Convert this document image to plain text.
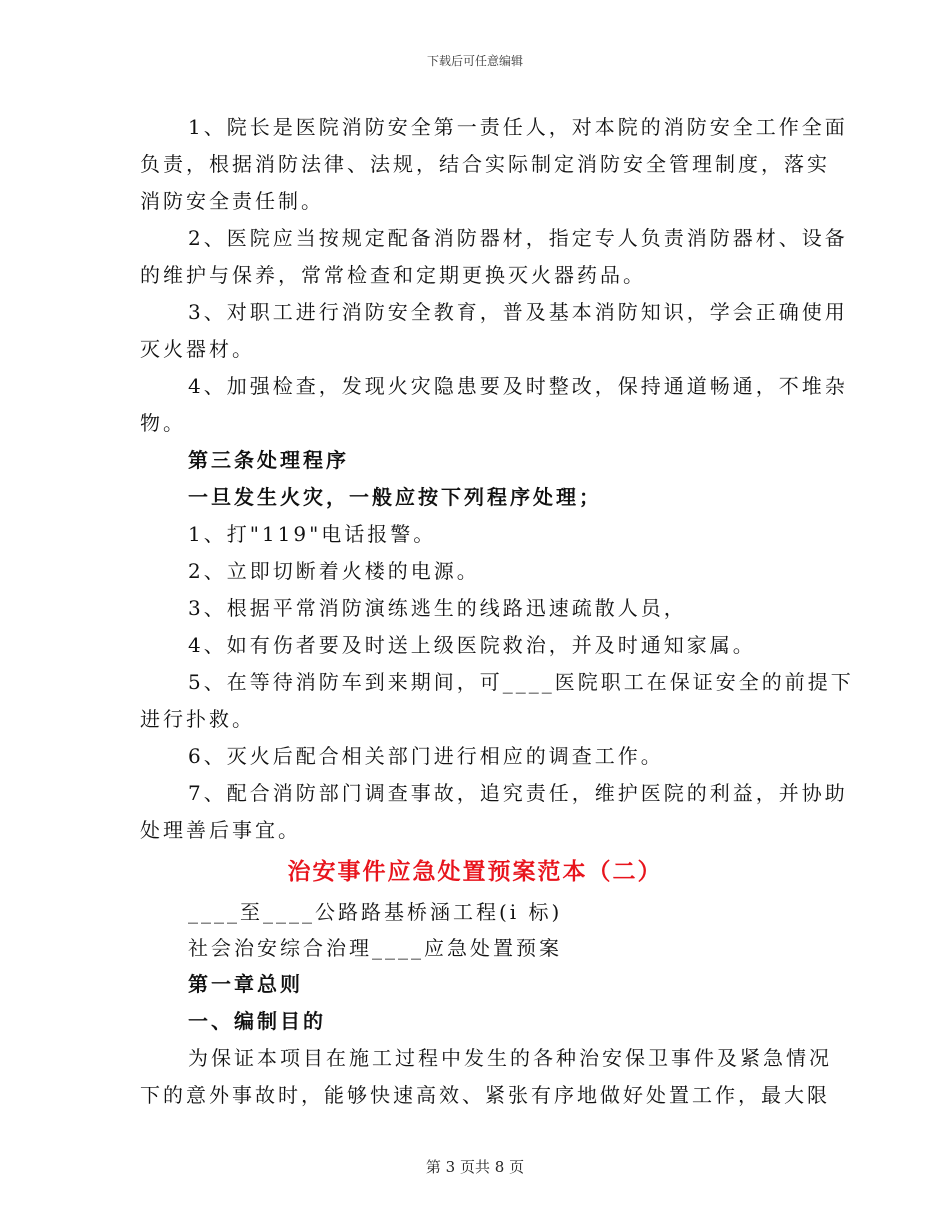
下载后可任意编辑
1、院长是医院消防安全第一责任人，对本院的消防安全工作全面
负责，根据消防法律、法规，结合实际制定消防安全管理制度，落实
消防安全责任制。
2、医院应当按规定配备消防器材，指定专人负责消防器材、设备
的维护与保养，常常检查和定期更换灭火器药品。
3、对职工进行消防安全教育，普及基本消防知识，学会正确使用
灭火器材。
4、加强检查，发现火灾隐患要及时整改，保持通道畅通，不堆杂
物。
第三条处理程序
一旦发生火灾，一般应按下列程序处理；
1、打"119"电话报警。
2、立即切断着火楼的电源。
3、根据平常消防演练逃生的线路迅速疏散人员，
4、如有伤者要及时送上级医院救治，并及时通知家属。
5、在等待消防车到来期间，可____医院职工在保证安全的前提下
进行扑救。
6、灭火后配合相关部门进行相应的调查工作。
7、配合消防部门调查事故，追究责任，维护医院的利益，并协助
处理善后事宜。
治安事件应急处置预案范本（二）
____至____公路路基桥涵工程(i 标)
社会治安综合治理____应急处置预案
第一章总则
一、编制目的
为保证本项目在施工过程中发生的各种治安保卫事件及紧急情况
下的意外事故时，能够快速高效、紧张有序地做好处置工作，最大限
第 3 页共 8 页
